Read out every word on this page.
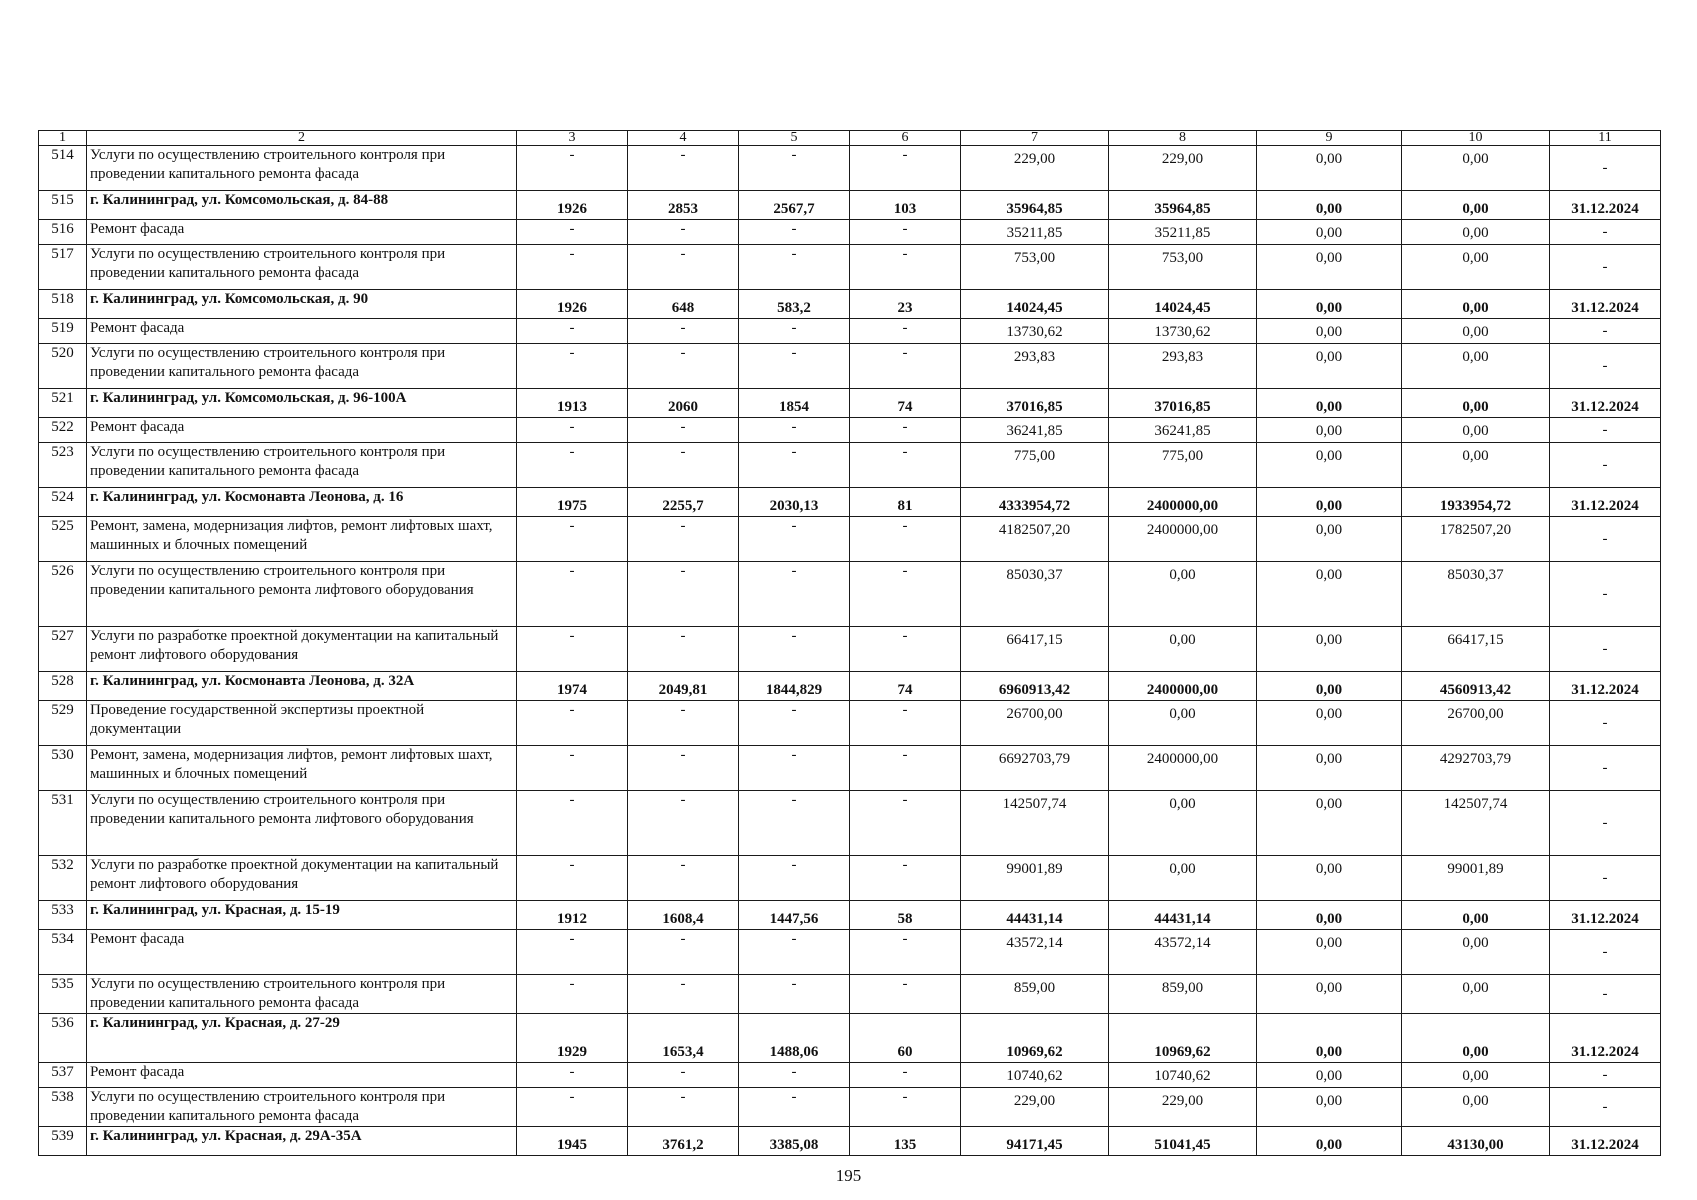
1	2	3	4	5	6	7	8	9	10	11
514	Услуги по осуществлению строительного контроля при проведении капитального ремонта фасада	-	-	-	-	229,00	229,00	0,00	0,00	-
515	г. Калининград, ул. Комсомольская, д. 84-88	1926	2853	2567,7	103	35964,85	35964,85	0,00	0,00	31.12.2024
516	Ремонт фасада	-	-	-	-	35211,85	35211,85	0,00	0,00	-
517	Услуги по осуществлению строительного контроля при проведении капитального ремонта фасада	-	-	-	-	753,00	753,00	0,00	0,00	-
518	г. Калининград, ул. Комсомольская, д. 90	1926	648	583,2	23	14024,45	14024,45	0,00	0,00	31.12.2024
519	Ремонт фасада	-	-	-	-	13730,62	13730,62	0,00	0,00	-
520	Услуги по осуществлению строительного контроля при проведении капитального ремонта фасада	-	-	-	-	293,83	293,83	0,00	0,00	-
521	г. Калининград, ул. Комсомольская, д. 96-100А	1913	2060	1854	74	37016,85	37016,85	0,00	0,00	31.12.2024
522	Ремонт фасада	-	-	-	-	36241,85	36241,85	0,00	0,00	-
523	Услуги по осуществлению строительного контроля при проведении капитального ремонта фасада	-	-	-	-	775,00	775,00	0,00	0,00	-
524	г. Калининград, ул. Космонавта Леонова, д. 16	1975	2255,7	2030,13	81	4333954,72	2400000,00	0,00	1933954,72	31.12.2024
525	Ремонт, замена, модернизация лифтов, ремонт лифтовых шахт, машинных и блочных помещений	-	-	-	-	4182507,20	2400000,00	0,00	1782507,20	-
526	Услуги по осуществлению строительного контроля при проведении капитального ремонта лифтового оборудования	-	-	-	-	85030,37	0,00	0,00	85030,37	-
527	Услуги по разработке проектной документации на капитальный ремонт лифтового оборудования	-	-	-	-	66417,15	0,00	0,00	66417,15	-
528	г. Калининград, ул. Космонавта Леонова, д. 32А	1974	2049,81	1844,829	74	6960913,42	2400000,00	0,00	4560913,42	31.12.2024
529	Проведение государственной экспертизы проектной документации	-	-	-	-	26700,00	0,00	0,00	26700,00	-
530	Ремонт, замена, модернизация лифтов, ремонт лифтовых шахт, машинных и блочных помещений	-	-	-	-	6692703,79	2400000,00	0,00	4292703,79	-
531	Услуги по осуществлению строительного контроля при проведении капитального ремонта лифтового оборудования	-	-	-	-	142507,74	0,00	0,00	142507,74	-
532	Услуги по разработке проектной документации на капитальный ремонт лифтового оборудования	-	-	-	-	99001,89	0,00	0,00	99001,89	-
533	г. Калининград, ул. Красная, д. 15-19	1912	1608,4	1447,56	58	44431,14	44431,14	0,00	0,00	31.12.2024
534	Ремонт фасада	-	-	-	-	43572,14	43572,14	0,00	0,00	-
535	Услуги по осуществлению строительного контроля при проведении капитального ремонта фасада	-	-	-	-	859,00	859,00	0,00	0,00	-
536	г. Калининград, ул. Красная, д. 27-29	1929	1653,4	1488,06	60	10969,62	10969,62	0,00	0,00	31.12.2024
537	Ремонт фасада	-	-	-	-	10740,62	10740,62	0,00	0,00	-
538	Услуги по осуществлению строительного контроля при проведении капитального ремонта фасада	-	-	-	-	229,00	229,00	0,00	0,00	-
539	г. Калининград, ул. Красная, д. 29А-35А	1945	3761,2	3385,08	135	94171,45	51041,45	0,00	43130,00	31.12.2024
195
